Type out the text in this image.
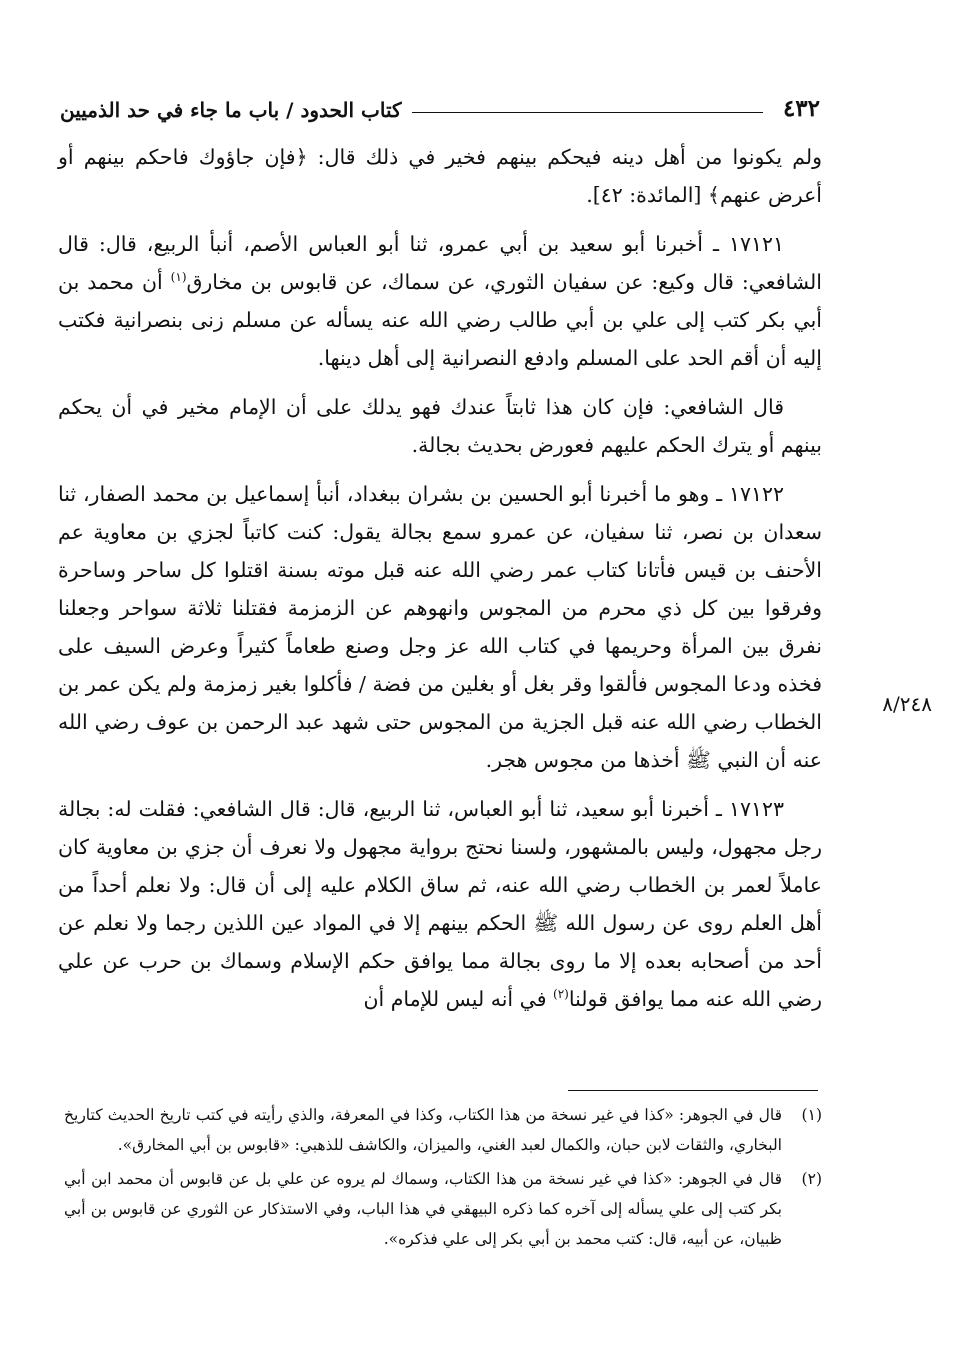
٤٣٢
كتاب الحدود / باب ما جاء في حد الذميين

ولم يكونوا من أهل دينه فيحكم بينهم فخير في ذلك قال: ﴿فإن جاؤوك فاحكم بينهم أو أعرض عنهم﴾ [المائدة: ٤٢].

١٧١٢١ ـ أخبرنا أبو سعيد بن أبي عمرو، ثنا أبو العباس الأصم، أنبأ الربيع، قال: قال الشافعي: قال وكيع: عن سفيان الثوري، عن سماك، عن قابوس بن مخارق$^{(١)}$ أن محمد بن أبي بكر كتب إلى علي بن أبي طالب رضي الله عنه يسأله عن مسلم زنى بنصرانية فكتب إليه أن أقم الحد على المسلم وادفع النصرانية إلى أهل دينها.

قال الشافعي: فإن كان هذا ثابتاً عندك فهو يدلك على أن الإمام مخير في أن يحكم بينهم أو يترك الحكم عليهم فعورض بحديث بجالة.

١٧١٢٢ ـ وهو ما أخبرنا أبو الحسين بن بشران ببغداد، أنبأ إسماعيل بن محمد الصفار، ثنا سعدان بن نصر، ثنا سفيان، عن عمرو سمع بجالة يقول: كنت كاتباً لجزي بن معاوية عم الأحنف بن قيس فأتانا كتاب عمر رضي الله عنه قبل موته بسنة اقتلوا كل ساحر وساحرة وفرقوا بين كل ذي محرم من المجوس وانهوهم عن الزمزمة فقتلنا ثلاثة سواحر وجعلنا نفرق بين المرأة وحريمها في كتاب الله عز وجل وصنع طعاماً كثيراً وعرض السيف على فخذه ودعا المجوس فألقوا وقر بغل أو بغلين من فضة / فأكلوا بغير زمزمة ولم يكن عمر بن الخطاب رضي الله عنه قبل الجزية من المجوس حتى شهد عبد الرحمن بن عوف رضي الله عنه أن النبي ﷺ أخذها من مجوس هجر.

١٧١٢٣ ـ أخبرنا أبو سعيد، ثنا أبو العباس، ثنا الربيع، قال: قال الشافعي: فقلت له: بجالة رجل مجهول، وليس بالمشهور، ولسنا نحتج برواية مجهول ولا نعرف أن جزي بن معاوية كان عاملاً لعمر بن الخطاب رضي الله عنه، ثم ساق الكلام عليه إلى أن قال: ولا نعلم أحداً من أهل العلم روى عن رسول الله ﷺ الحكم بينهم إلا في المواد عين اللذين رجما ولا نعلم عن أحد من أصحابه بعده إلا ما روى بجالة مما يوافق حكم الإسلام وسماك بن حرب عن علي رضي الله عنه مما يوافق قولنا$^{(٢)}$ في أنه ليس للإمام أن

٨/٢٤٨
(١)
قال في الجوهر: «كذا في غير نسخة من هذا الكتاب، وكذا في المعرفة، والذي رأيته في كتب تاريخ الحديث كتاريخ البخاري، والثقات لابن حبان، والكمال لعبد الغني، والميزان، والكاشف للذهبي: «قابوس بن أبي المخارق».
(٢)
قال في الجوهر: «كذا في غير نسخة من هذا الكتاب، وسماك لم يروه عن علي بل عن قابوس أن محمد ابن أبي بكر كتب إلى علي يسأله إلى آخره كما ذكره البيهقي في هذا الباب، وفي الاستذكار عن الثوري عن قابوس بن أبي ظبيان، عن أبيه، قال: كتب محمد بن أبي بكر إلى علي فذكره».
